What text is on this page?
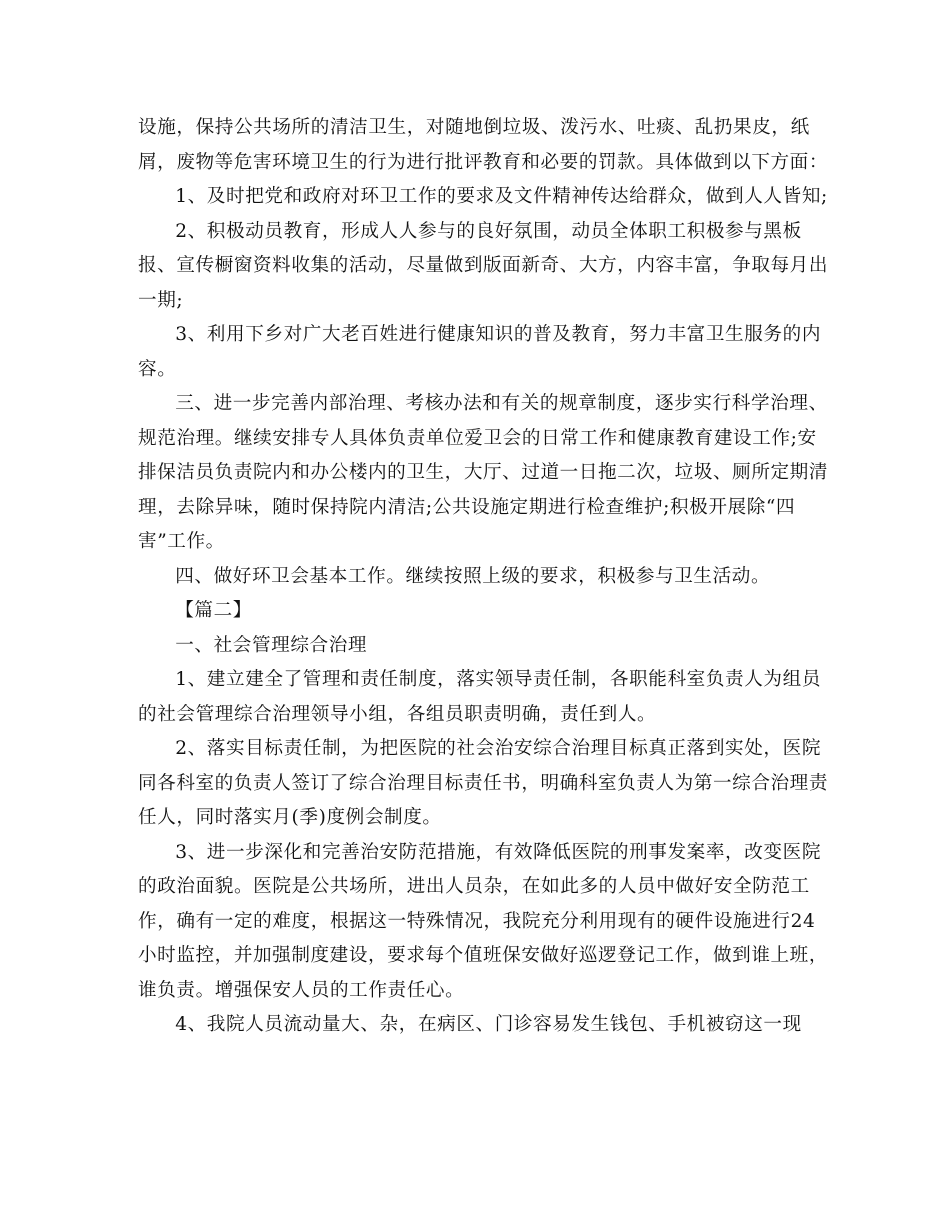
设施，保持公共场所的清洁卫生，对随地倒垃圾、泼污水、吐痰、乱扔果皮，纸
屑，废物等危害环境卫生的行为进行批评教育和必要的罚款。具体做到以下方面：
1、及时把党和政府对环卫工作的要求及文件精神传达给群众，做到人人皆知;
2、积极动员教育，形成人人参与的良好氛围，动员全体职工积极参与黑板
报、宣传橱窗资料收集的活动，尽量做到版面新奇、大方，内容丰富，争取每月出
一期;
3、利用下乡对广大老百姓进行健康知识的普及教育，努力丰富卫生服务的内
容。
三、进一步完善内部治理、考核办法和有关的规章制度，逐步实行科学治理、
规范治理。继续安排专人具体负责单位爱卫会的日常工作和健康教育建设工作;安
排保洁员负责院内和办公楼内的卫生，大厅、过道一日拖二次，垃圾、厕所定期清
理，去除异味，随时保持院内清洁;公共设施定期进行检查维护;积极开展除“四
害”工作。
四、做好环卫会基本工作。继续按照上级的要求，积极参与卫生活动。
【篇二】
一、社会管理综合治理
1、建立建全了管理和责任制度，落实领导责任制，各职能科室负责人为组员
的社会管理综合治理领导小组，各组员职责明确，责任到人。
2、落实目标责任制，为把医院的社会治安综合治理目标真正落到实处，医院
同各科室的负责人签订了综合治理目标责任书，明确科室负责人为第一综合治理责
任人，同时落实月(季)度例会制度。
3、进一步深化和完善治安防范措施，有效降低医院的刑事发案率，改变医院
的政治面貌。医院是公共场所，进出人员杂，在如此多的人员中做好安全防范工
作，确有一定的难度，根据这一特殊情况，我院充分利用现有的硬件设施进行24
小时监控，并加强制度建设，要求每个值班保安做好巡逻登记工作，做到谁上班，
谁负责。增强保安人员的工作责任心。
4、我院人员流动量大、杂，在病区、门诊容易发生钱包、手机被窃这一现
